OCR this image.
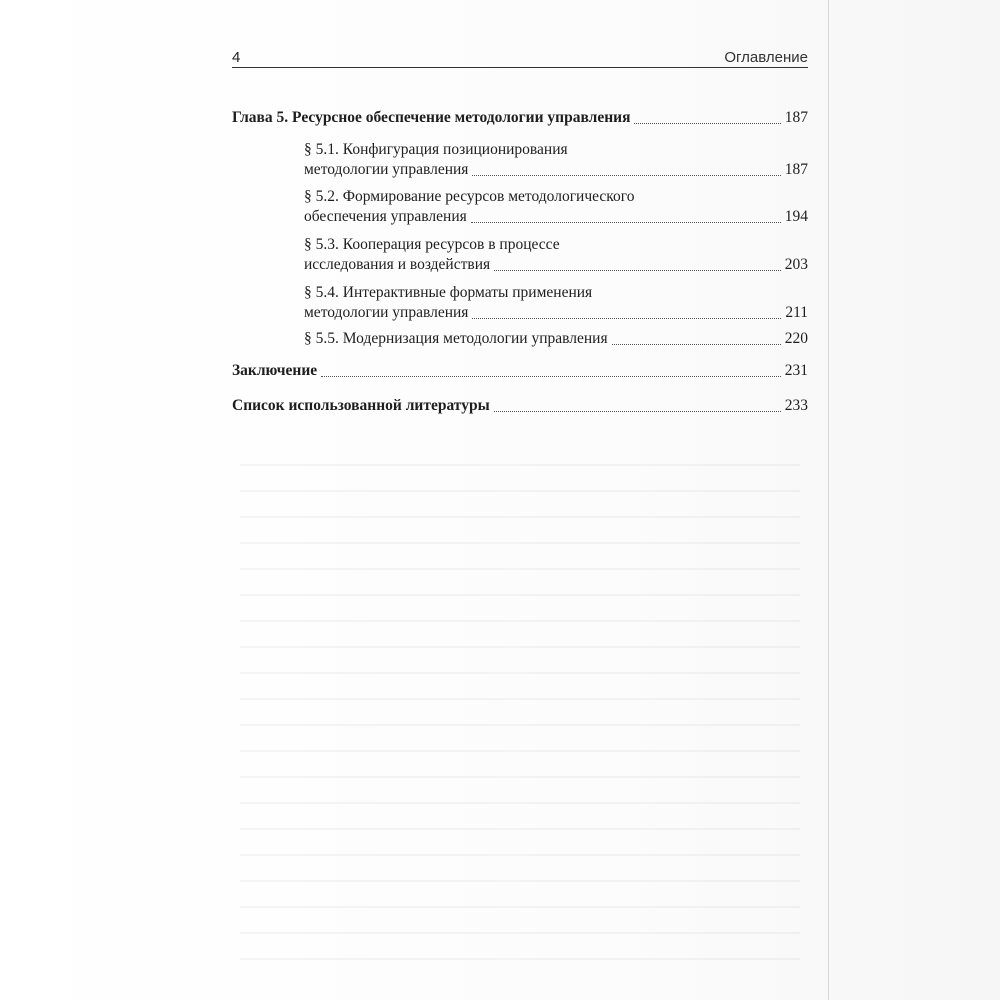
4	Оглавление
Глава 5. Ресурсное обеспечение методологии управления	187
§ 5.1. Конфигурация позиционирования
методологии управления	187
§ 5.2. Формирование ресурсов методологического
обеспечения управления	194
§ 5.3. Кооперация ресурсов в процессе
исследования и воздействия	203
§ 5.4. Интерактивные форматы применения
методологии управления	211
§ 5.5. Модернизация методологии управления	220
Заключение	231
Список использованной литературы	233
